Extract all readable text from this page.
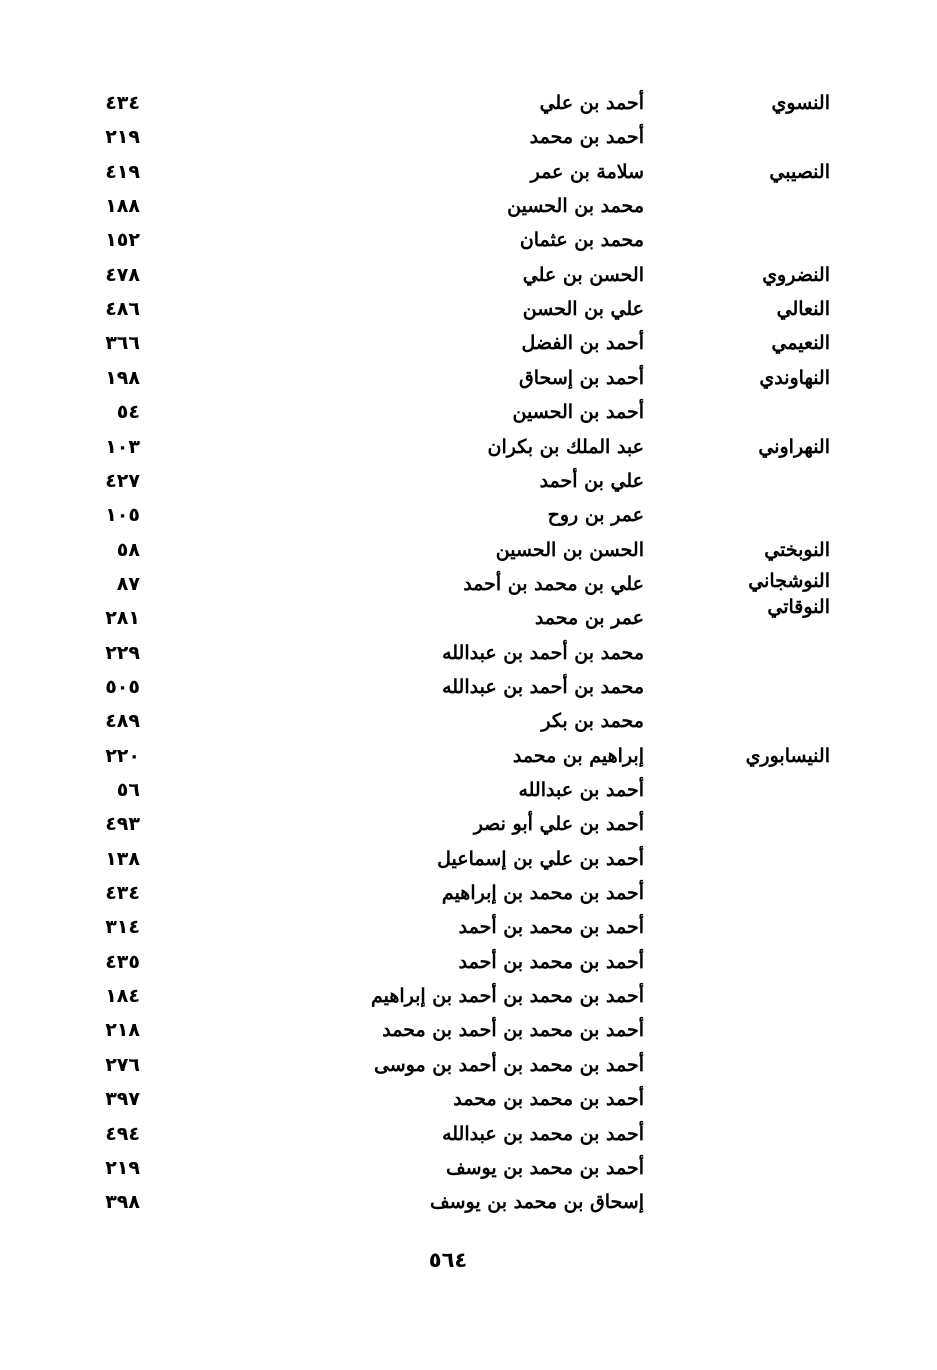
النسوي
أحمد بن علي
٤٣٤
أحمد بن محمد
٢١٩
النصيبي
سلامة بن عمر
٤١٩
محمد بن الحسين
١٨٨
محمد بن عثمان
١٥٢
النضروي
الحسن بن علي
٤٧٨
النعالي
علي بن الحسن
٤٨٦
النعيمي
أحمد بن الفضل
٣٦٦
النهاوندي
أحمد بن إسحاق
١٩٨
أحمد بن الحسين
٥٤
النهراوني
عبد الملك بن بكران
١٠٣
علي بن أحمد
٤٢٧
عمر بن روح
١٠٥
النوبختي
الحسن بن الحسين
٥٨
النوشجاني
علي بن محمد بن أحمد
٨٧
النوقاتي
عمر بن محمد
٢٨١
محمد بن أحمد بن عبدالله
٢٢٩
محمد بن أحمد بن عبدالله
٥٠٥
محمد بن بكر
٤٨٩
النيسابوري
إبراهيم بن محمد
٢٢٠
أحمد بن عبدالله
٥٦
أحمد بن علي أبو نصر
٤٩٣
أحمد بن علي بن إسماعيل
١٣٨
أحمد بن محمد بن إبراهيم
٤٣٤
أحمد بن محمد بن أحمد
٣١٤
أحمد بن محمد بن أحمد
٤٣٥
أحمد بن محمد بن أحمد بن إبراهيم
١٨٤
أحمد بن محمد بن أحمد بن محمد
٢١٨
أحمد بن محمد بن أحمد بن موسى
٢٧٦
أحمد بن محمد بن محمد
٣٩٧
أحمد بن محمد بن عبدالله
٤٩٤
أحمد بن محمد بن يوسف
٢١٩
إسحاق بن محمد بن يوسف
٣٩٨
٥٦٤
